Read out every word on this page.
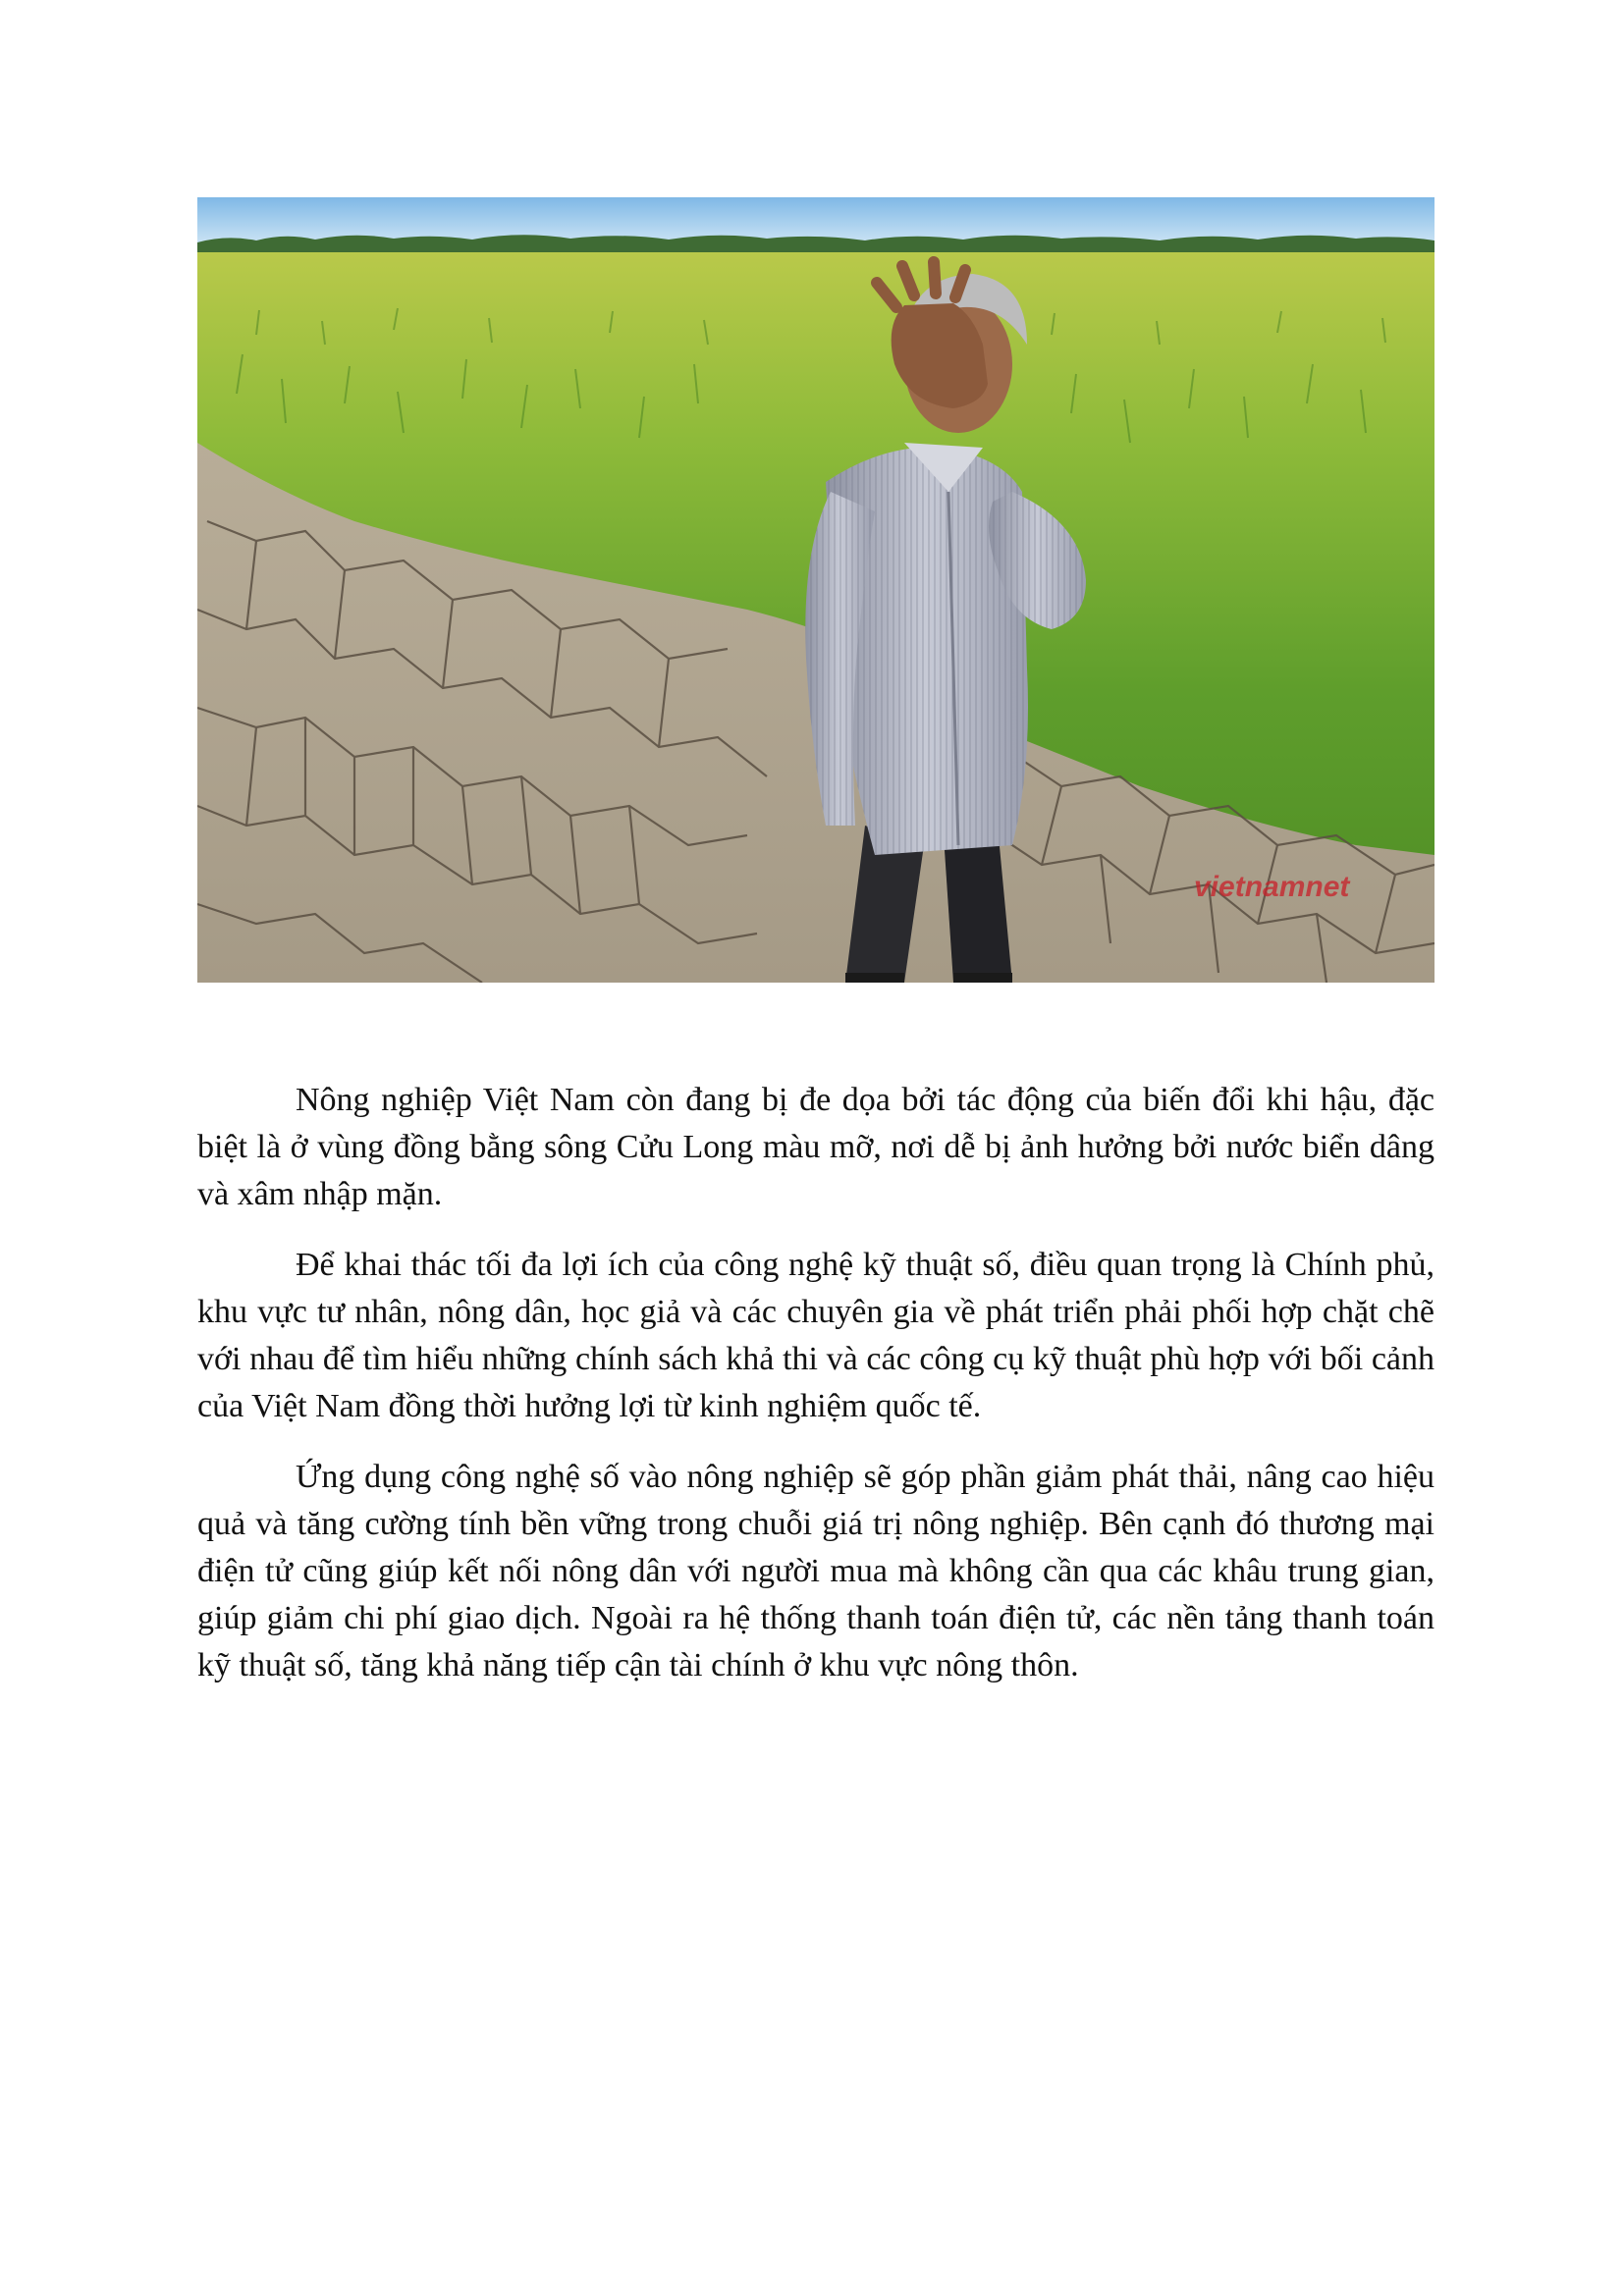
vietnamnet

Nông nghiệp Việt Nam còn đang bị đe dọa bởi tác động của biến đổi khi hậu, đặc biệt là ở vùng đồng bằng sông Cửu Long màu mỡ, nơi dễ bị ảnh hưởng bởi nước biển dâng và xâm nhập mặn.

Để khai thác tối đa lợi ích của công nghệ kỹ thuật số, điều quan trọng là Chính phủ, khu vực tư nhân, nông dân, học giả và các chuyên gia về phát triển phải phối hợp chặt chẽ với nhau để tìm hiểu những chính sách khả thi và các công cụ kỹ thuật phù hợp với bối cảnh của Việt Nam đồng thời hưởng lợi từ kinh nghiệm quốc tế.

Ứng dụng công nghệ số vào nông nghiệp sẽ góp phần giảm phát thải, nâng cao hiệu quả và tăng cường tính bền vững trong chuỗi giá trị nông nghiệp. Bên cạnh đó thương mại điện tử cũng giúp kết nối nông dân với người mua mà không cần qua các khâu trung gian, giúp giảm chi phí giao dịch. Ngoài ra hệ thống thanh toán điện tử, các nền tảng thanh toán kỹ thuật số, tăng khả năng tiếp cận tài chính ở khu vực nông thôn.
